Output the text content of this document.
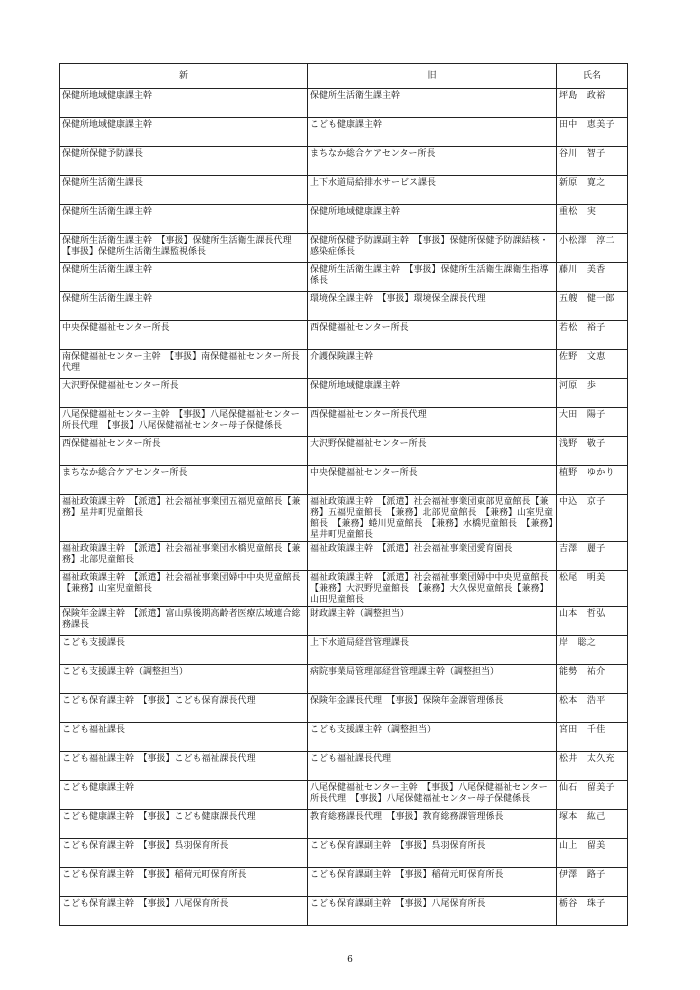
新	旧	氏名
保健所地域健康課主幹	保健所生活衛生課主幹	坪島　政裕
保健所地域健康課主幹	こども健康課主幹	田中　恵美子
保健所保健予防課長	まちなか総合ケアセンター所長	谷川　智子
保健所生活衛生課長	上下水道局給排水サービス課長	新原　寛之
保健所生活衛生課主幹	保健所地域健康課主幹	重松　実
保健所生活衛生課主幹　【事扱】保健所生活衛生課長代理【事扱】保健所生活衛生課監視係長	保健所保健予防課副主幹　【事扱】保健所保健予防課結核・感染症係長	小松澤　淳二
保健所生活衛生課主幹	保健所生活衛生課主幹　【事扱】保健所生活衛生課衛生指導係長	藤川　美香
保健所生活衛生課主幹	環境保全課主幹　【事扱】環境保全課長代理	五艘　健一郎
中央保健福祉センター所長	西保健福祉センター所長	若松　裕子
南保健福祉センター主幹　【事扱】南保健福祉センター所長代理	介護保険課主幹	佐野　文恵
大沢野保健福祉センター所長	保健所地域健康課主幹	河原　歩
八尾保健福祉センター主幹　【事扱】八尾保健福祉センター所長代理　【事扱】八尾保健福祉センター母子保健係長	西保健福祉センター所長代理	大田　陽子
西保健福祉センター所長	大沢野保健福祉センター所長	浅野　敬子
まちなか総合ケアセンター所長	中央保健福祉センター所長	植野　ゆかり
福祉政策課主幹　【派遣】社会福祉事業団五福児童館長【兼務】星井町児童館長	福祉政策課主幹　【派遣】社会福祉事業団東部児童館長【兼務】五福児童館長　【兼務】北部児童館長　【兼務】山室児童館長　【兼務】蜷川児童館長　【兼務】水橋児童館長　【兼務】星井町児童館長	中込　京子
福祉政策課主幹　【派遣】社会福祉事業団水橋児童館長【兼務】北部児童館長	福祉政策課主幹　【派遣】社会福祉事業団愛育園長	吉澤　麗子
福祉政策課主幹　【派遣】社会福祉事業団婦中中央児童館長　【兼務】山室児童館長	福祉政策課主幹　【派遣】社会福祉事業団婦中中央児童館長　【兼務】大沢野児童館長　【兼務】大久保児童館長【兼務】山田児童館長	松尾　明美
保険年金課主幹　【派遣】富山県後期高齢者医療広域連合総務課長	財政課主幹（調整担当）	山本　哲弘
こども支援課長	上下水道局経営管理課長	岸　聡之
こども支援課主幹（調整担当）	病院事業局管理部経営管理課主幹（調整担当）	能勢　祐介
こども保育課主幹　【事扱】こども保育課長代理	保険年金課長代理　【事扱】保険年金課管理係長	松本　浩平
こども福祉課長	こども支援課主幹（調整担当）	宮田　千佳
こども福祉課主幹　【事扱】こども福祉課長代理	こども福祉課長代理	松井　太久充
こども健康課主幹	八尾保健福祉センター主幹　【事扱】八尾保健福祉センター所長代理　【事扱】八尾保健福祉センター母子保健係長	仙石　留美子
こども健康課主幹　【事扱】こども健康課長代理	教育総務課長代理　【事扱】教育総務課管理係長	塚本　紘己
こども保育課主幹　【事扱】呉羽保育所長	こども保育課副主幹　【事扱】呉羽保育所長	山上　留美
こども保育課主幹　【事扱】稲荷元町保育所長	こども保育課副主幹　【事扱】稲荷元町保育所長	伊澤　路子
こども保育課主幹　【事扱】八尾保育所長	こども保育課副主幹　【事扱】八尾保育所長	栃谷　珠子
6
